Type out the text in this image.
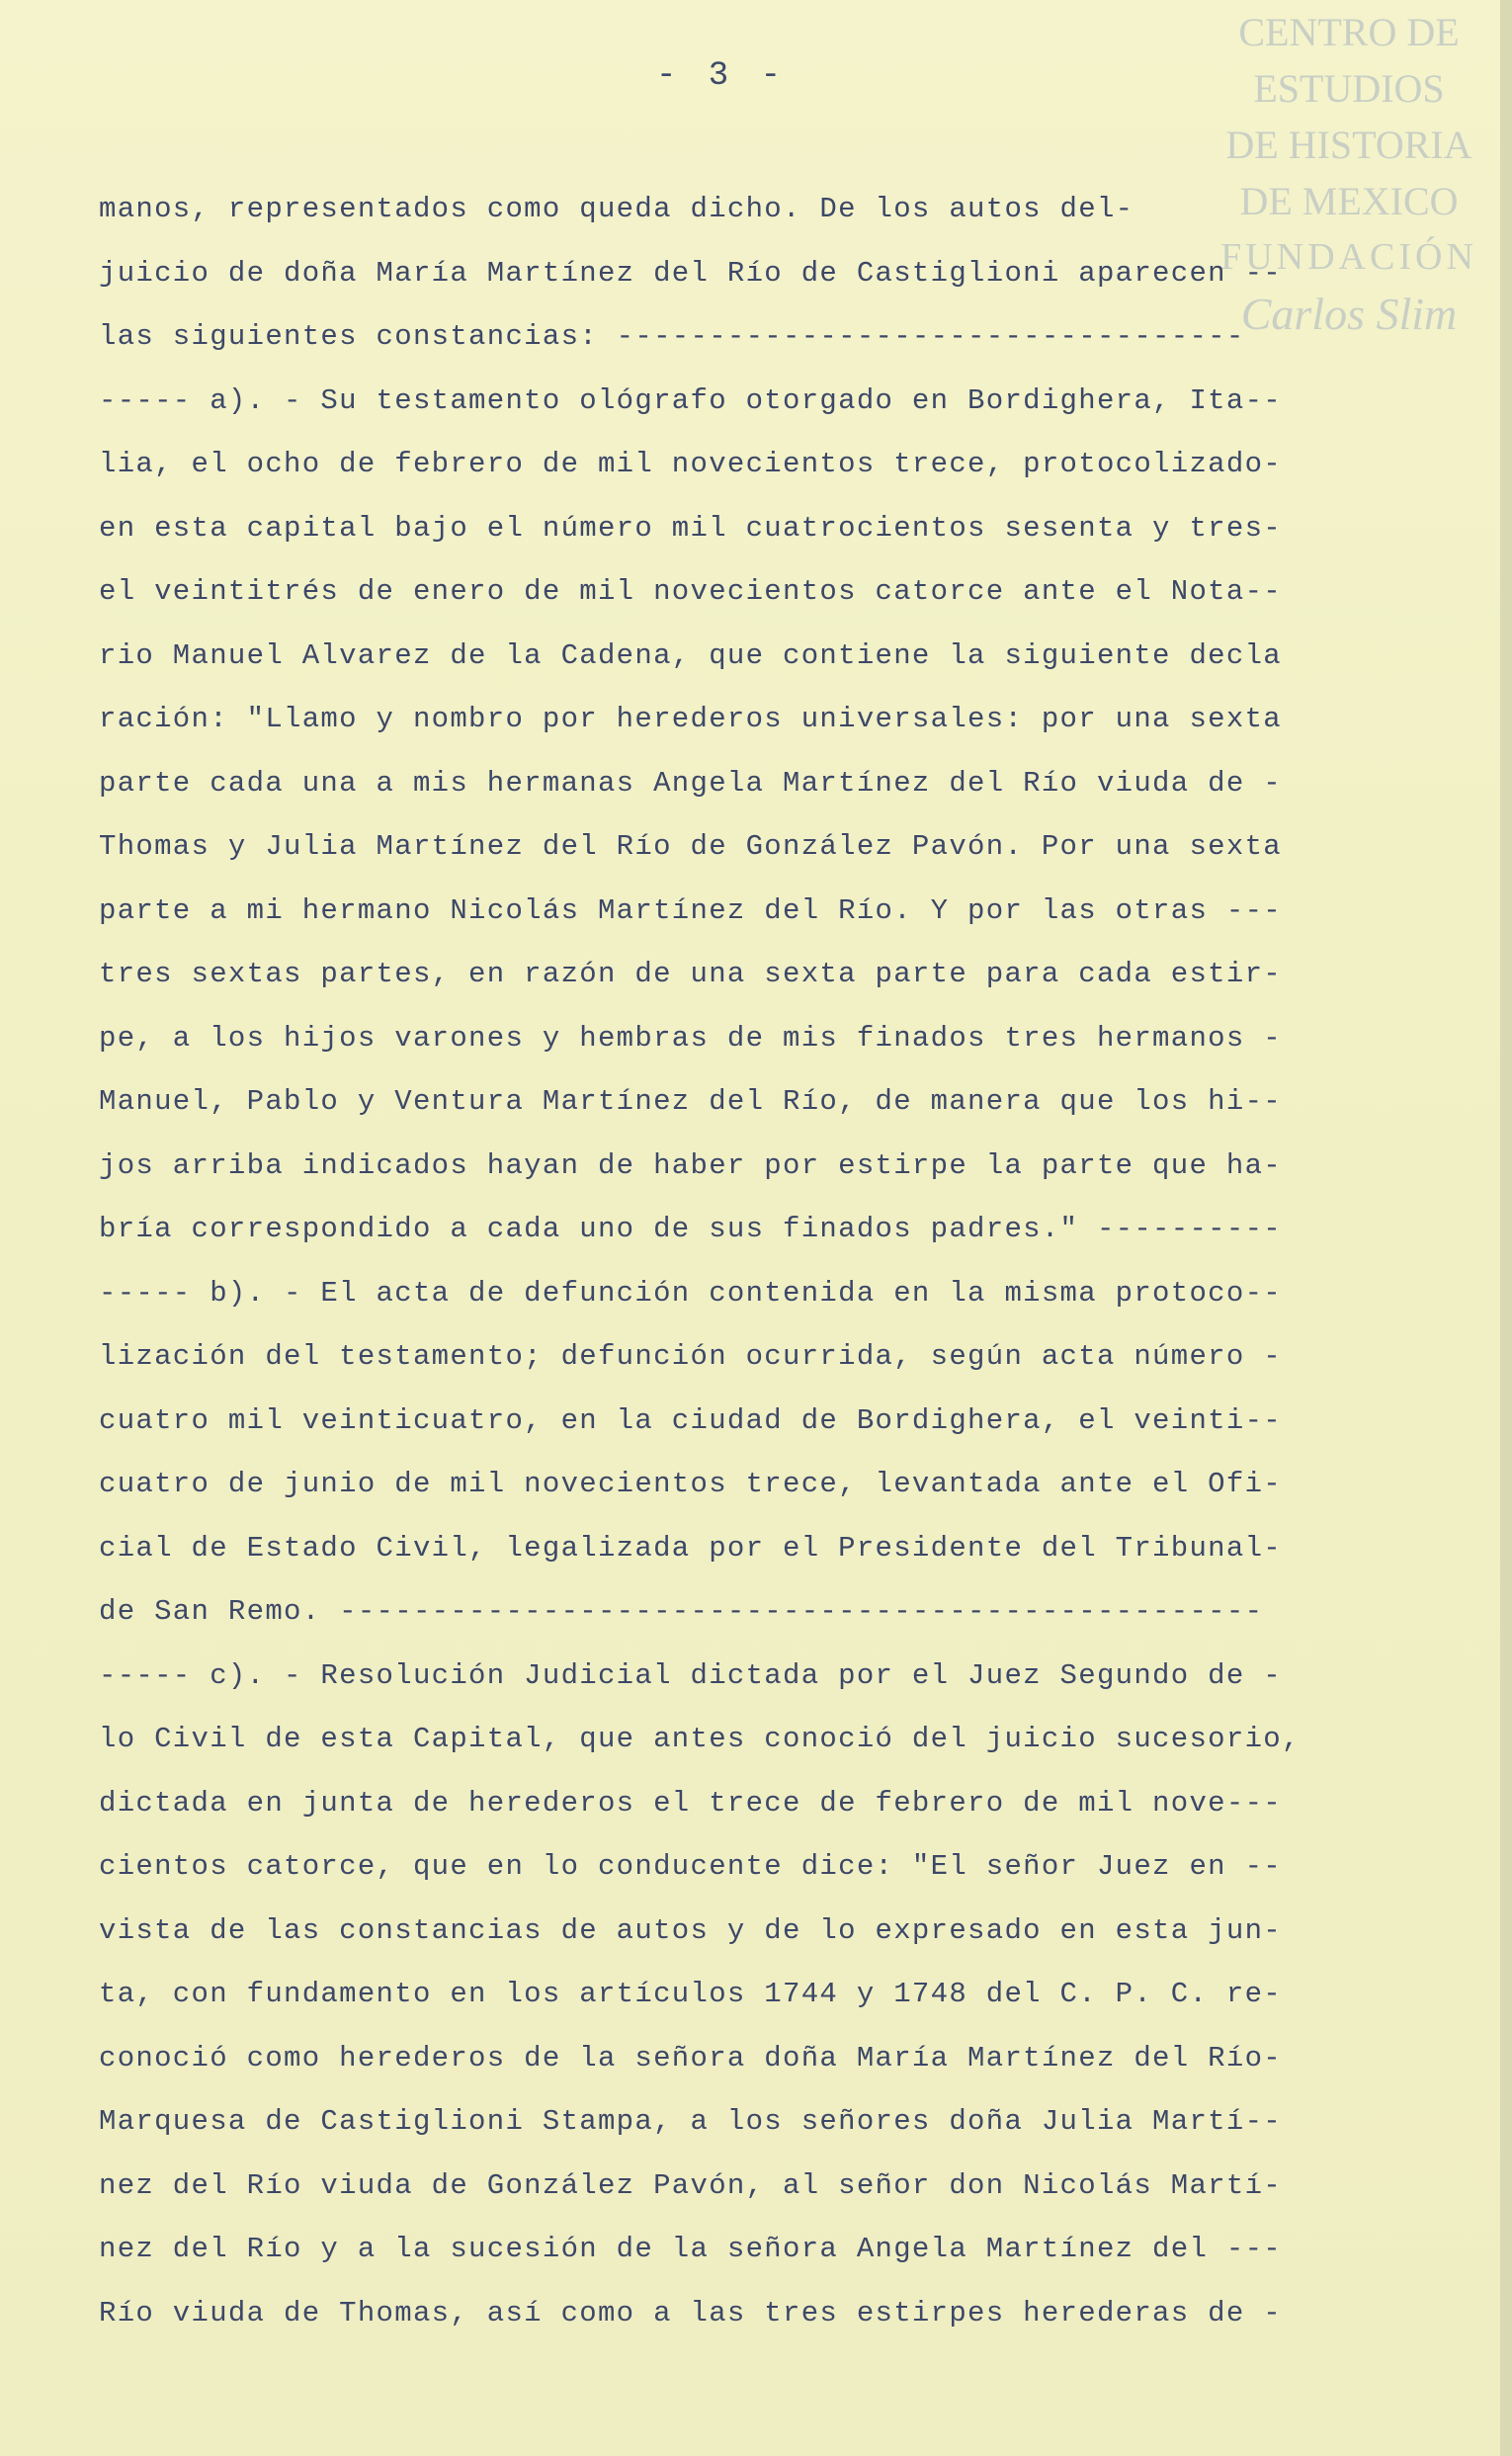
CENTRO DE
ESTUDIOS
DE HISTORIA
DE MEXICO
FUNDACIÓN
Carlos Slim
- 3 -
manos, representados como queda dicho. De los autos del-
juicio de doña María Martínez del Río de Castiglioni aparecen --
las siguientes constancias: ----------------------------------
----- a). - Su testamento ológrafo otorgado en Bordighera, Ita--
lia, el ocho de febrero de mil novecientos trece, protocolizado-
en esta capital bajo el número mil cuatrocientos sesenta y tres-
el veintitrés de enero de mil novecientos catorce ante el Nota--
rio Manuel Alvarez de la Cadena, que contiene la siguiente decla
ración: "Llamo y nombro por herederos universales: por una sexta
parte cada una a mis hermanas Angela Martínez del Río viuda de -
Thomas y Julia Martínez del Río de González Pavón. Por una sexta
parte a mi hermano Nicolás Martínez del Río. Y por las otras ---
tres sextas partes, en razón de una sexta parte para cada estir-
pe, a los hijos varones y hembras de mis finados tres hermanos -
Manuel, Pablo y Ventura Martínez del Río, de manera que los hi--
jos arriba indicados hayan de haber por estirpe la parte que ha-
bría correspondido a cada uno de sus finados padres." ----------
----- b). - El acta de defunción contenida en la misma protoco--
lización del testamento; defunción ocurrida, según acta número -
cuatro mil veinticuatro, en la ciudad de Bordighera, el veinti--
cuatro de junio de mil novecientos trece, levantada ante el Ofi-
cial de Estado Civil, legalizada por el Presidente del Tribunal-
de San Remo. --------------------------------------------------
----- c). - Resolución Judicial dictada por el Juez Segundo de -
lo Civil de esta Capital, que antes conoció del juicio sucesorio,
dictada en junta de herederos el trece de febrero de mil nove---
cientos catorce, que en lo conducente dice: "El señor Juez en --
vista de las constancias de autos y de lo expresado en esta jun-
ta, con fundamento en los artículos 1744 y 1748 del C. P. C. re-
conoció como herederos de la señora doña María Martínez del Río-
Marquesa de Castiglioni Stampa, a los señores doña Julia Martí--
nez del Río viuda de González Pavón, al señor don Nicolás Martí-
nez del Río y a la sucesión de la señora Angela Martínez del ---
Río viuda de Thomas, así como a las tres estirpes herederas de -
